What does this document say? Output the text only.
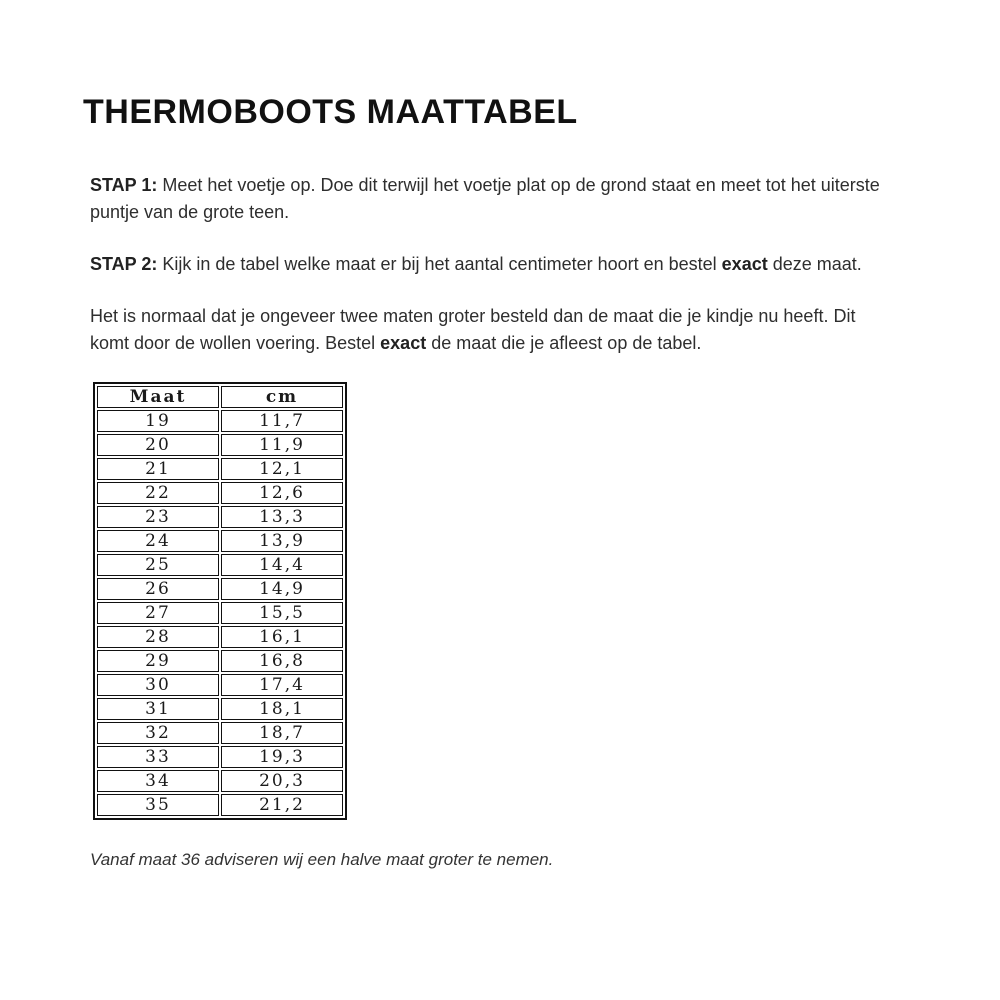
THERMOBOOTS MAATTABEL

STAP 1: Meet het voetje op. Doe dit terwijl het voetje plat op de grond staat en meet tot het uiterste puntje van de grote teen.

STAP 2: Kijk in de tabel welke maat er bij het aantal centimeter hoort en bestel exact deze maat.

Het is normaal dat je ongeveer twee maten groter besteld dan de maat die je kindje nu heeft. Dit komt door de wollen voering. Bestel exact de maat die je afleest op de tabel.

Maat	cm
19	11,7
20	11,9
21	12,1
22	12,6
23	13,3
24	13,9
25	14,4
26	14,9
27	15,5
28	16,1
29	16,8
30	17,4
31	18,1
32	18,7
33	19,3
34	20,3
35	21,2

Vanaf maat 36 adviseren wij een halve maat groter te nemen.
